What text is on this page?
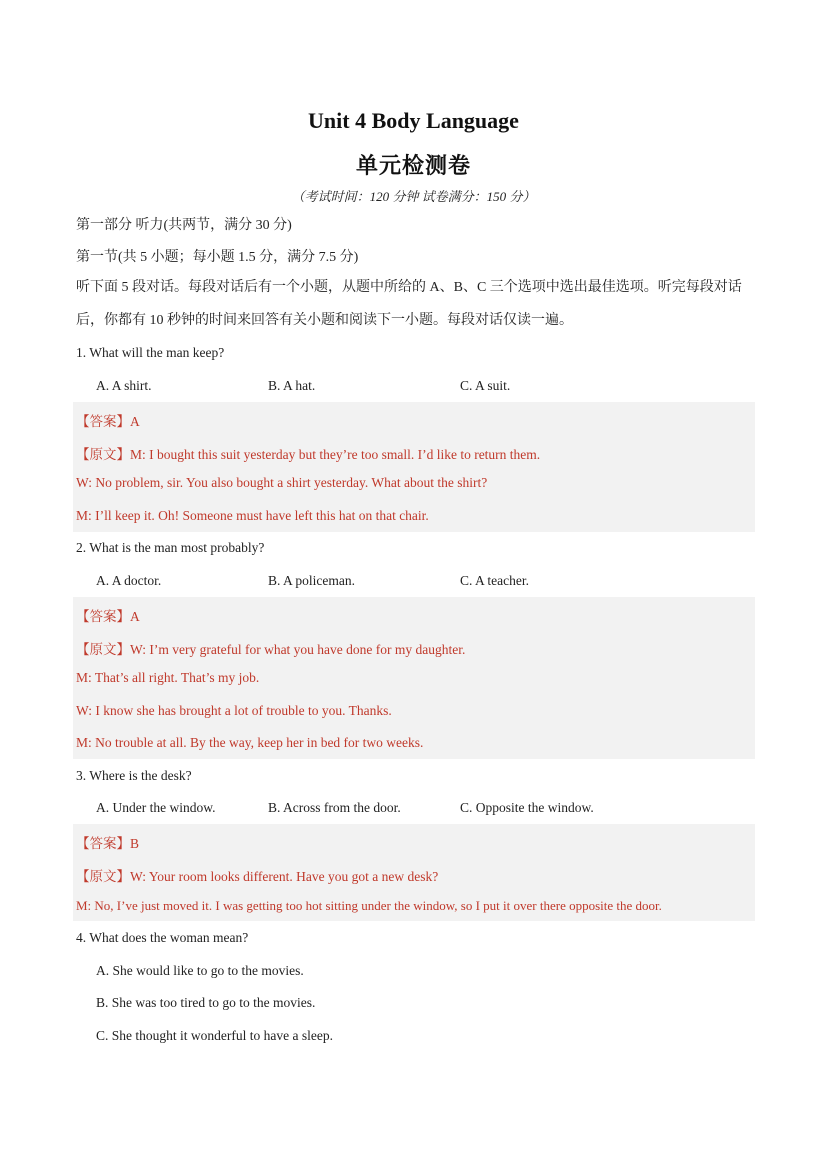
Unit 4 Body Language
单元检测卷
（考试时间：120 分钟 试卷满分：150 分）
第一部分 听力(共两节，满分 30 分)
第一节(共 5 小题；每小题 1.5 分，满分 7.5 分)
听下面 5 段对话。每段对话后有一个小题，从题中所给的 A、B、C 三个选项中选出最佳选项。听完每段对话后，你都有 10 秒钟的时间来回答有关小题和阅读下一小题。每段对话仅读一遍。
1. What will the man keep?
A. A shirt.	B. A hat.	C. A suit.
【答案】A
【原文】M: I bought this suit yesterday but they’re too small. I’d like to return them.
W: No problem, sir. You also bought a shirt yesterday. What about the shirt?
M: I’ll keep it. Oh! Someone must have left this hat on that chair.
2. What is the man most probably?
A. A doctor.	B. A policeman.	C. A teacher.
【答案】A
【原文】W: I’m very grateful for what you have done for my daughter.
M: That’s all right. That’s my job.
W: I know she has brought a lot of trouble to you. Thanks.
M: No trouble at all. By the way, keep her in bed for two weeks.
3. Where is the desk?
A. Under the window.	B. Across from the door.	C. Opposite the window.
【答案】B
【原文】W: Your room looks different. Have you got a new desk?
M: No, I’ve just moved it. I was getting too hot sitting under the window, so I put it over there opposite the door.
4. What does the woman mean?
A. She would like to go to the movies.
B. She was too tired to go to the movies.
C. She thought it wonderful to have a sleep.
